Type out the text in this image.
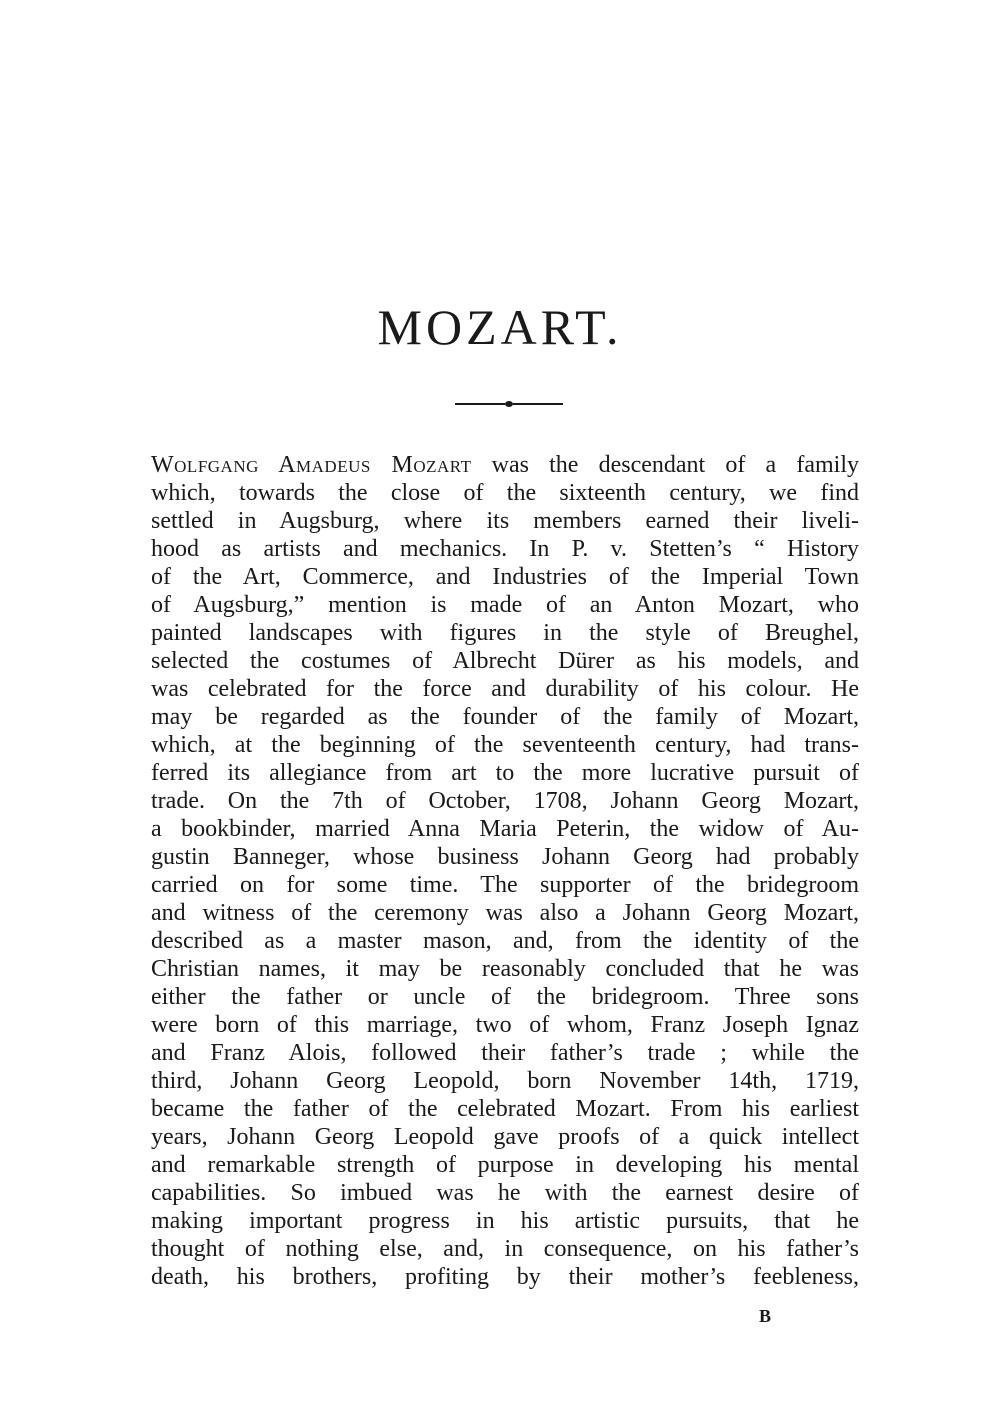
MOZART.
Wolfgang Amadeus Mozart was the descendant of a family
which, towards the close of the sixteenth century, we find
settled in Augsburg, where its members earned their liveli-
hood as artists and mechanics. In P. v. Stetten’s “ History
of the Art, Commerce, and Industries of the Imperial Town
of Augsburg,” mention is made of an Anton Mozart, who
painted landscapes with figures in the style of Breughel,
selected the costumes of Albrecht Dürer as his models, and
was celebrated for the force and durability of his colour. He
may be regarded as the founder of the family of Mozart,
which, at the beginning of the seventeenth century, had trans-
ferred its allegiance from art to the more lucrative pursuit of
trade. On the 7th of October, 1708, Johann Georg Mozart,
a bookbinder, married Anna Maria Peterin, the widow of Au-
gustin Banneger, whose business Johann Georg had probably
carried on for some time. The supporter of the bridegroom
and witness of the ceremony was also a Johann Georg Mozart,
described as a master mason, and, from the identity of the
Christian names, it may be reasonably concluded that he was
either the father or uncle of the bridegroom. Three sons
were born of this marriage, two of whom, Franz Joseph Ignaz
and Franz Alois, followed their father’s trade ; while the
third, Johann Georg Leopold, born November 14th, 1719,
became the father of the celebrated Mozart. From his earliest
years, Johann Georg Leopold gave proofs of a quick intellect
and remarkable strength of purpose in developing his mental
capabilities. So imbued was he with the earnest desire of
making important progress in his artistic pursuits, that he
thought of nothing else, and, in consequence, on his father’s
death, his brothers, profiting by their mother’s feebleness,
B
